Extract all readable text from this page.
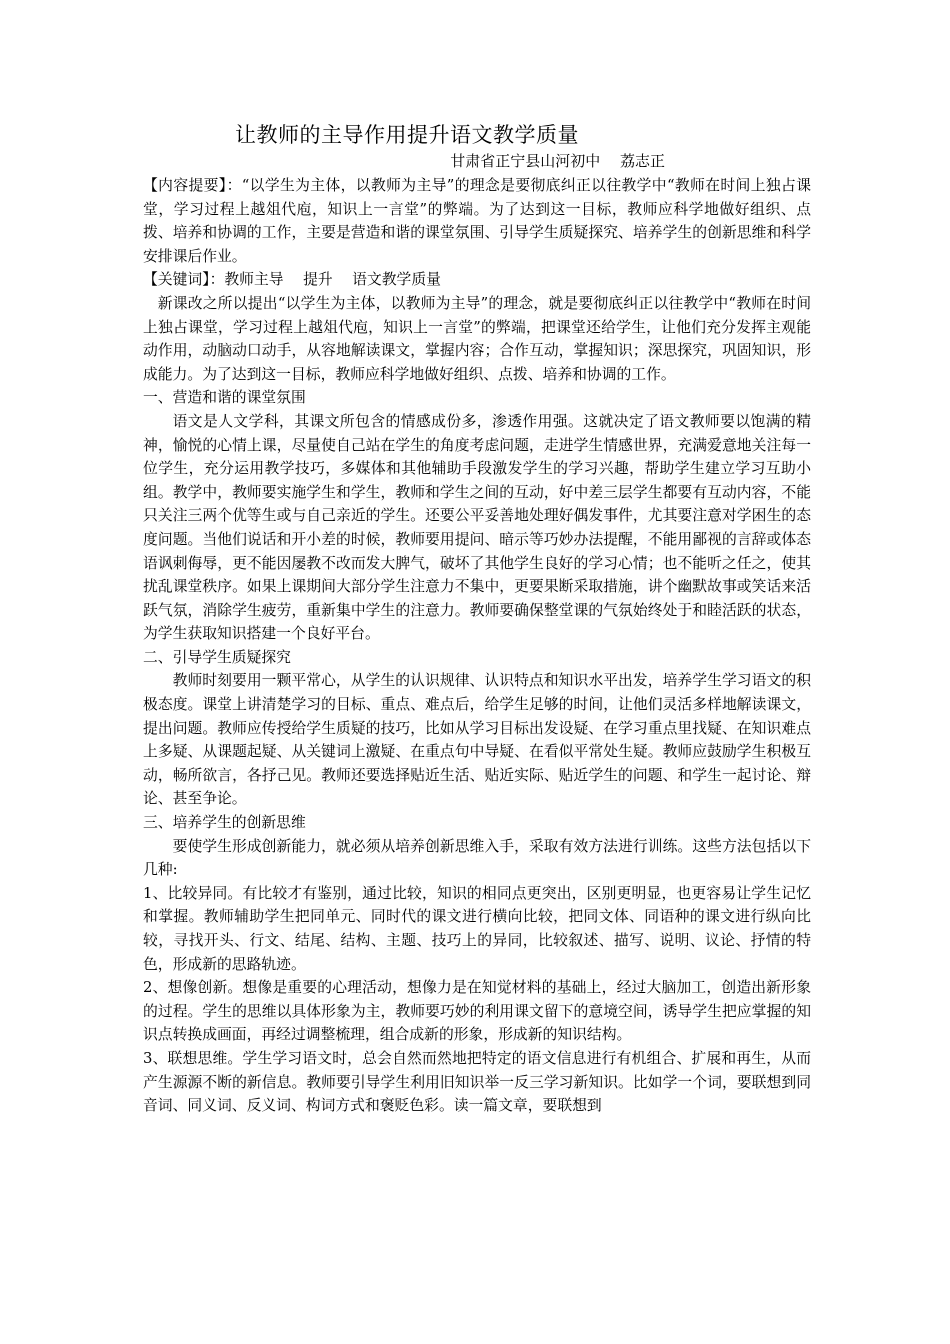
让教师的主导作用提升语文教学质量
甘肃省正宁县山河初中　 荔志正

【内容提要】：“以学生为主体，以教师为主导”的理念是要彻底纠正以往教学中“教师在时间上独占课堂，学习过程上越俎代庖，知识上一言堂”的弊端。为了达到这一目标，教师应科学地做好组织、点拨、培养和协调的工作，主要是营造和谐的课堂氛围、引导学生质疑探究、培养学生的创新思维和科学安排课后作业。

【关键词】：教师主导　 提升　 语文教学质量

新课改之所以提出“以学生为主体，以教师为主导”的理念，就是要彻底纠正以往教学中“教师在时间上独占课堂，学习过程上越俎代庖，知识上一言堂”的弊端，把课堂还给学生，让他们充分发挥主观能动作用，动脑动口动手，从容地解读课文，掌握内容；合作互动，掌握知识；深思探究，巩固知识，形成能力。为了达到这一目标，教师应科学地做好组织、点拨、培养和协调的工作。

一、营造和谐的课堂氛围

语文是人文学科，其课文所包含的情感成份多，渗透作用强。这就决定了语文教师要以饱满的精神，愉悦的心情上课，尽量使自己站在学生的角度考虑问题，走进学生情感世界，充满爱意地关注每一位学生，充分运用教学技巧，多媒体和其他辅助手段激发学生的学习兴趣，帮助学生建立学习互助小组。教学中，教师要实施学生和学生，教师和学生之间的互动，好中差三层学生都要有互动内容，不能只关注三两个优等生或与自己亲近的学生。还要公平妥善地处理好偶发事件，尤其要注意对学困生的态度问题。当他们说话和开小差的时候，教师要用提问、暗示等巧妙办法提醒，不能用鄙视的言辞或体态语讽刺侮辱，更不能因屡教不改而发大脾气，破坏了其他学生良好的学习心情；也不能听之任之，使其扰乱课堂秩序。如果上课期间大部分学生注意力不集中，更要果断采取措施，讲个幽默故事或笑话来活跃气氛，消除学生疲劳，重新集中学生的注意力。教师要确保整堂课的气氛始终处于和睦活跃的状态，为学生获取知识搭建一个良好平台。

二、引导学生质疑探究

教师时刻要用一颗平常心，从学生的认识规律、认识特点和知识水平出发，培养学生学习语文的积极态度。课堂上讲清楚学习的目标、重点、难点后，给学生足够的时间，让他们灵活多样地解读课文，提出问题。教师应传授给学生质疑的技巧，比如从学习目标出发设疑、在学习重点里找疑、在知识难点上多疑、从课题起疑、从关键词上激疑、在重点句中导疑、在看似平常处生疑。教师应鼓励学生积极互动，畅所欲言，各抒己见。教师还要选择贴近生活、贴近实际、贴近学生的问题、和学生一起讨论、辩论、甚至争论。

三、培养学生的创新思维

要使学生形成创新能力，就必须从培养创新思维入手，采取有效方法进行训练。这些方法包括以下几种:

1、比较异同。有比较才有鉴别，通过比较，知识的相同点更突出，区别更明显，也更容易让学生记忆和掌握。教师辅助学生把同单元、同时代的课文进行横向比较，把同文体、同语种的课文进行纵向比较，寻找开头、行文、结尾、结构、主题、技巧上的异同，比较叙述、描写、说明、议论、抒情的特色，形成新的思路轨迹。

2、想像创新。想像是重要的心理活动，想像力是在知觉材料的基础上，经过大脑加工，创造出新形象的过程。学生的思维以具体形象为主，教师要巧妙的利用课文留下的意境空间，诱导学生把应掌握的知识点转换成画面，再经过调整梳理，组合成新的形象，形成新的知识结构。

3、联想思维。学生学习语文时，总会自然而然地把特定的语文信息进行有机组合、扩展和再生，从而产生源源不断的新信息。教师要引导学生利用旧知识举一反三学习新知识。比如学一个词，要联想到同音词、同义词、反义词、构词方式和褒贬色彩。读一篇文章，要联想到
